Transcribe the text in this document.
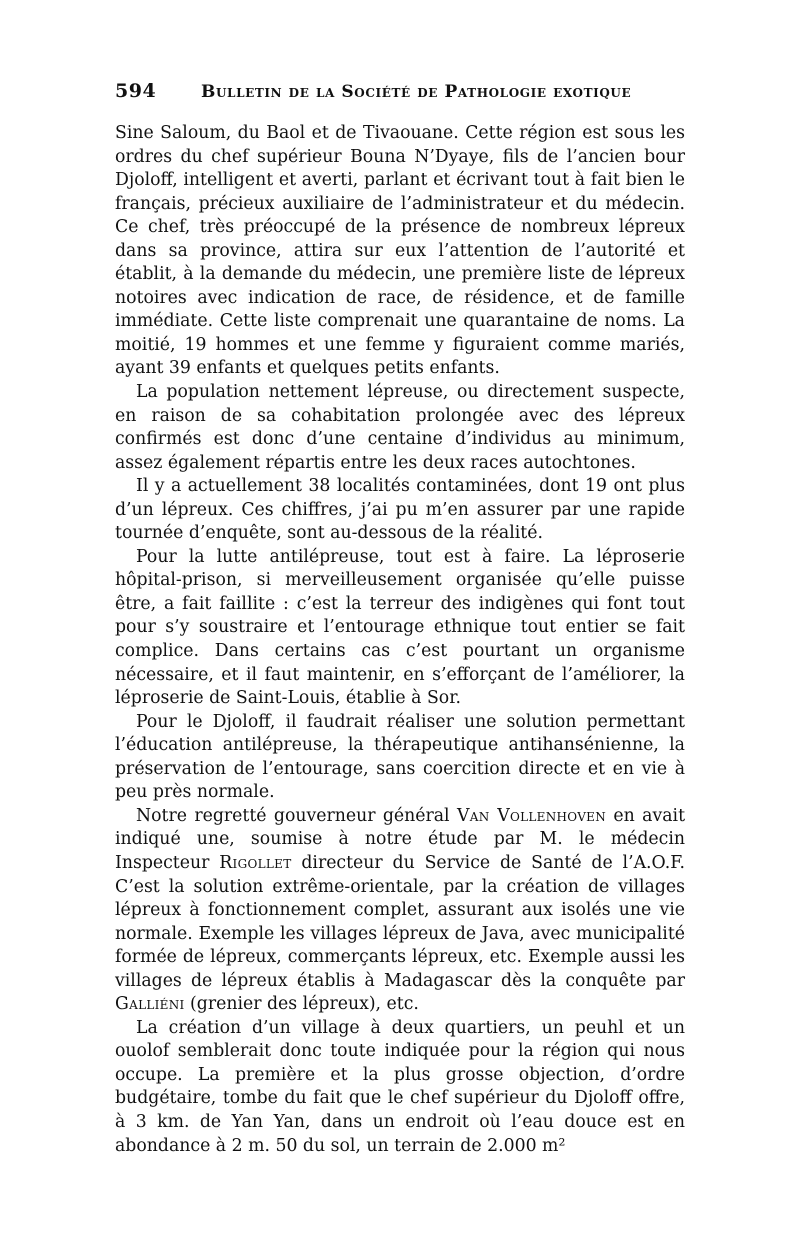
594	Bulletin de la Société de Pathologie exotique

Sine Saloum, du Baol et de Tivaouane. Cette région est sous les ordres du chef supérieur Bouna N’Dyaye, fils de l’ancien bour Djoloff, intelligent et averti, parlant et écrivant tout à fait bien le français, précieux auxiliaire de l’administrateur et du médecin. Ce chef, très préoccupé de la présence de nombreux lépreux dans sa province, attira sur eux l’attention de l’autorité et établit, à la demande du médecin, une première liste de lépreux notoires avec indication de race, de résidence, et de famille immédiate. Cette liste comprenait une quarantaine de noms. La moitié, 19 hommes et une femme y figuraient comme mariés, ayant 39 enfants et quelques petits enfants.

La population nettement lépreuse, ou directement suspecte, en raison de sa cohabitation prolongée avec des lépreux confirmés est donc d’une centaine d’individus au minimum, assez également répartis entre les deux races autochtones.

Il y a actuellement 38 localités contaminées, dont 19 ont plus d’un lépreux. Ces chiffres, j’ai pu m’en assurer par une rapide tournée d’enquête, sont au-dessous de la réalité.

Pour la lutte antilépreuse, tout est à faire. La léproserie hôpital-prison, si merveilleusement organisée qu’elle puisse être, a fait faillite : c’est la terreur des indigènes qui font tout pour s’y soustraire et l’entourage ethnique tout entier se fait complice. Dans certains cas c’est pourtant un organisme nécessaire, et il faut maintenir, en s’efforçant de l’améliorer, la léproserie de Saint-Louis, établie à Sor.

Pour le Djoloff, il faudrait réaliser une solution permettant l’éducation antilépreuse, la thérapeutique antihansénienne, la préservation de l’entourage, sans coercition directe et en vie à peu près normale.

Notre regretté gouverneur général Van Vollenhoven en avait indiqué une, soumise à notre étude par M. le médecin Inspecteur Rigollet directeur du Service de Santé de l’A.O.F. C’est la solution extrême-orientale, par la création de villages lépreux à fonctionnement complet, assurant aux isolés une vie normale. Exemple les villages lépreux de Java, avec municipalité formée de lépreux, commerçants lépreux, etc. Exemple aussi les villages de lépreux établis à Madagascar dès la conquête par Galliéni (grenier des lépreux), etc.

La création d’un village à deux quartiers, un peuhl et un ouolof semblerait donc toute indiquée pour la région qui nous occupe. La première et la plus grosse objection, d’ordre budgétaire, tombe du fait que le chef supérieur du Djoloff offre, à 3 km. de Yan Yan, dans un endroit où l’eau douce est en abondance à 2 m. 50 du sol, un terrain de 2.000 m²
